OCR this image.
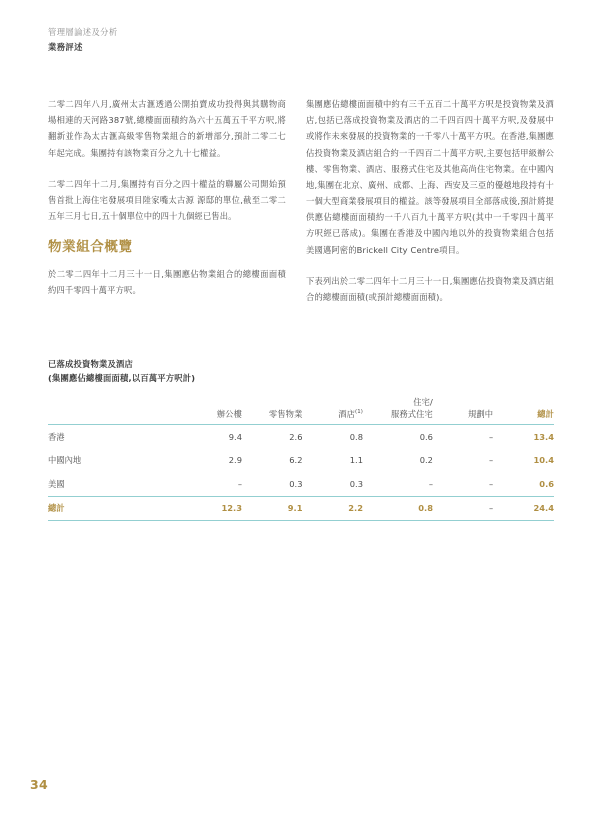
管理層論述及分析
業務評述

二零二四年八月,廣州太古滙透過公開拍賣成功投得與其購物商場相連的天河路387號,總樓面面積約為六十五萬五千平方呎,將翻新並作為太古滙高級零售物業組合的新增部分,預計二零二七年起完成。集團持有該物業百分之九十七權益。

二零二四年十二月,集團持有百分之四十權益的聯屬公司開始預售首批上海住宅發展項目陸家嘴太古源 源邸的單位,截至二零二五年三月七日,五十個單位中的四十九個經已售出。

物業組合概覽

於二零二四年十二月三十一日,集團應佔物業組合的總樓面面積約四千零四十萬平方呎。

集團應佔總樓面面積中約有三千五百二十萬平方呎是投資物業及酒店,包括已落成投資物業及酒店的二千四百四十萬平方呎,及發展中或將作未來發展的投資物業的一千零八十萬平方呎。在香港,集團應佔投資物業及酒店組合約一千四百二十萬平方呎,主要包括甲級辦公樓、零售物業、酒店、服務式住宅及其他高尚住宅物業。在中國內地,集團在北京、廣州、成都、上海、西安及三亞的優越地段持有十一個大型商業發展項目的權益。該等發展項目全部落成後,預計將提供應佔總樓面面積約一千八百九十萬平方呎(其中一千零四十萬平方呎經已落成)。集團在香港及中國內地以外的投資物業組合包括美國邁阿密的Brickell City Centre項目。

下表列出於二零二四年十二月三十一日,集團應佔投資物業及酒店組合的總樓面面積(或預計總樓面面積)。

已落成投資物業及酒店
(集團應佔總樓面面積,以百萬平方呎計)

	辦公樓	零售物業	酒店$^{(1)}$	住宅/
服務式住宅	規劃中	總計

香港	9.4	2.6	0.8	0.6	–	13.4
中國內地	2.9	6.2	1.1	0.2	–	10.4
美國	–	0.3	0.3	–	–	0.6
總計	12.3	9.1	2.2	0.8	–	24.4
34
